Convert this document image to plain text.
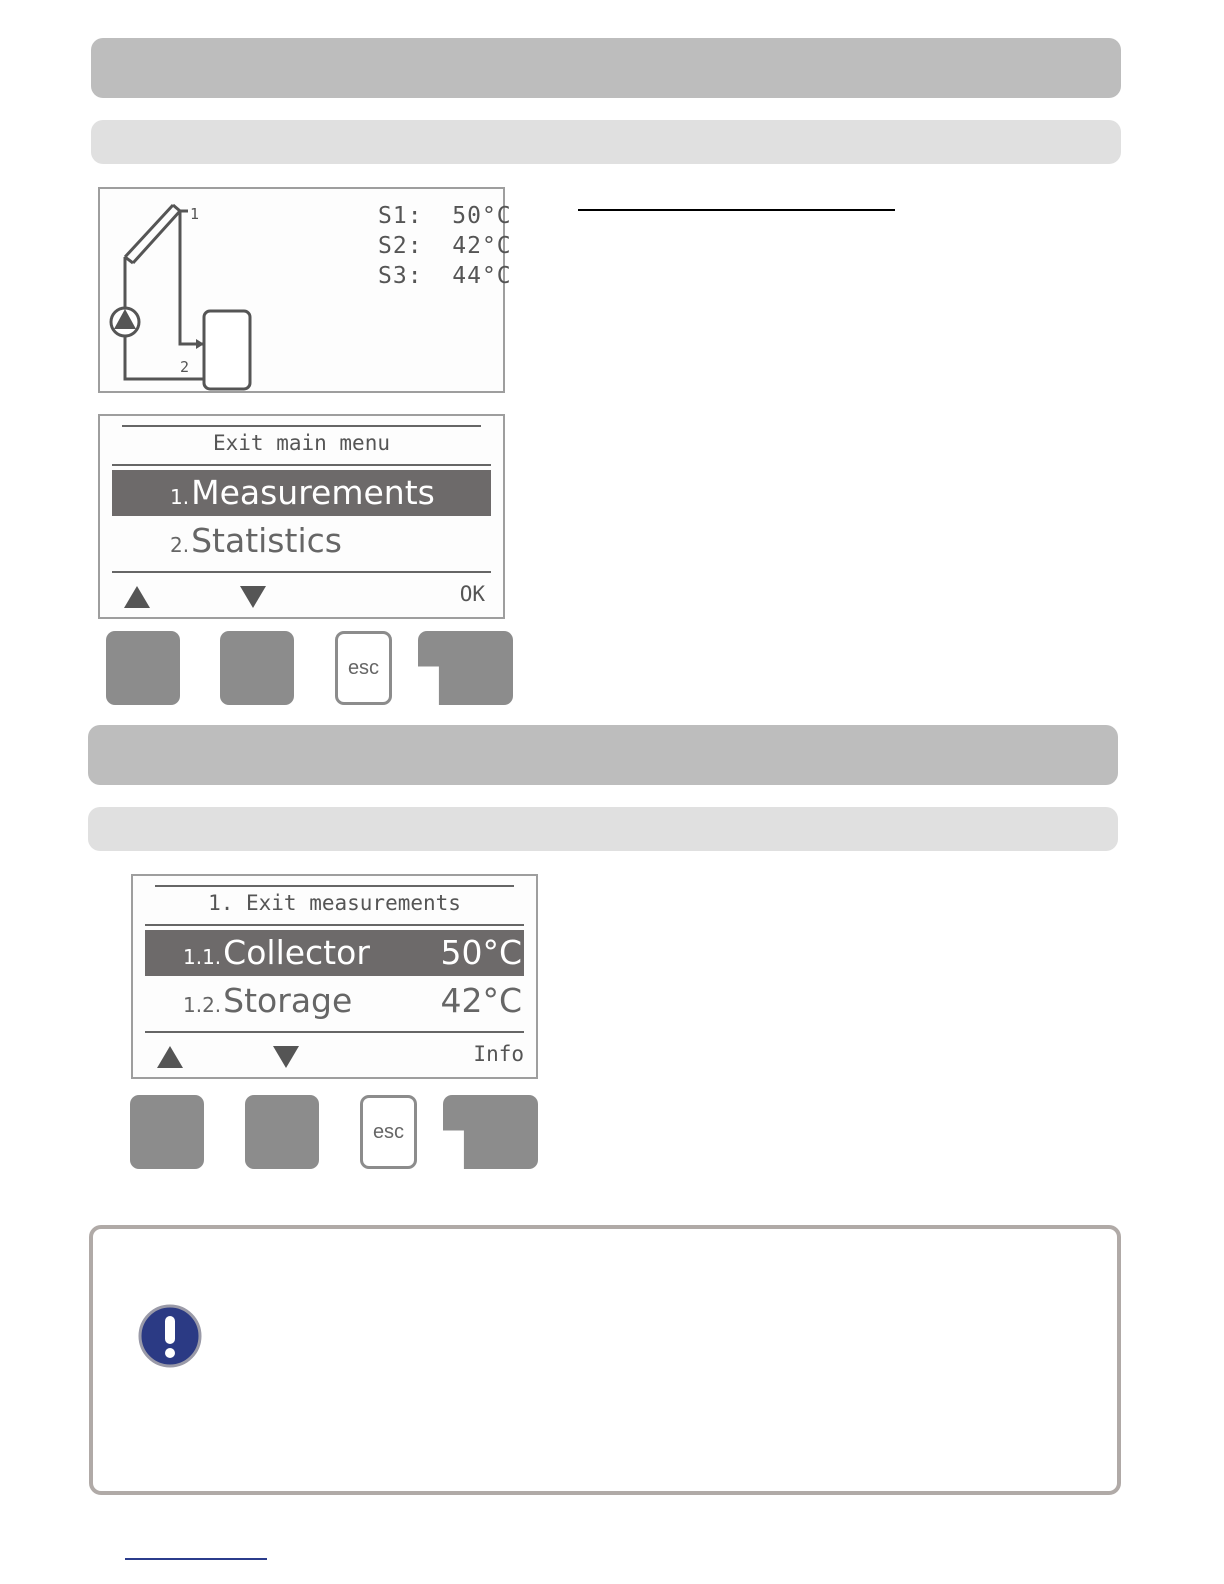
1
2
S1: 50°C
S2: 42°C
S3: 44°C
Exit main menu
1.Measurements
2.Statistics
OK
esc
1. Exit measurements
1.1.Collector 50°C
1.2.Storage	42°C
Info
esc
